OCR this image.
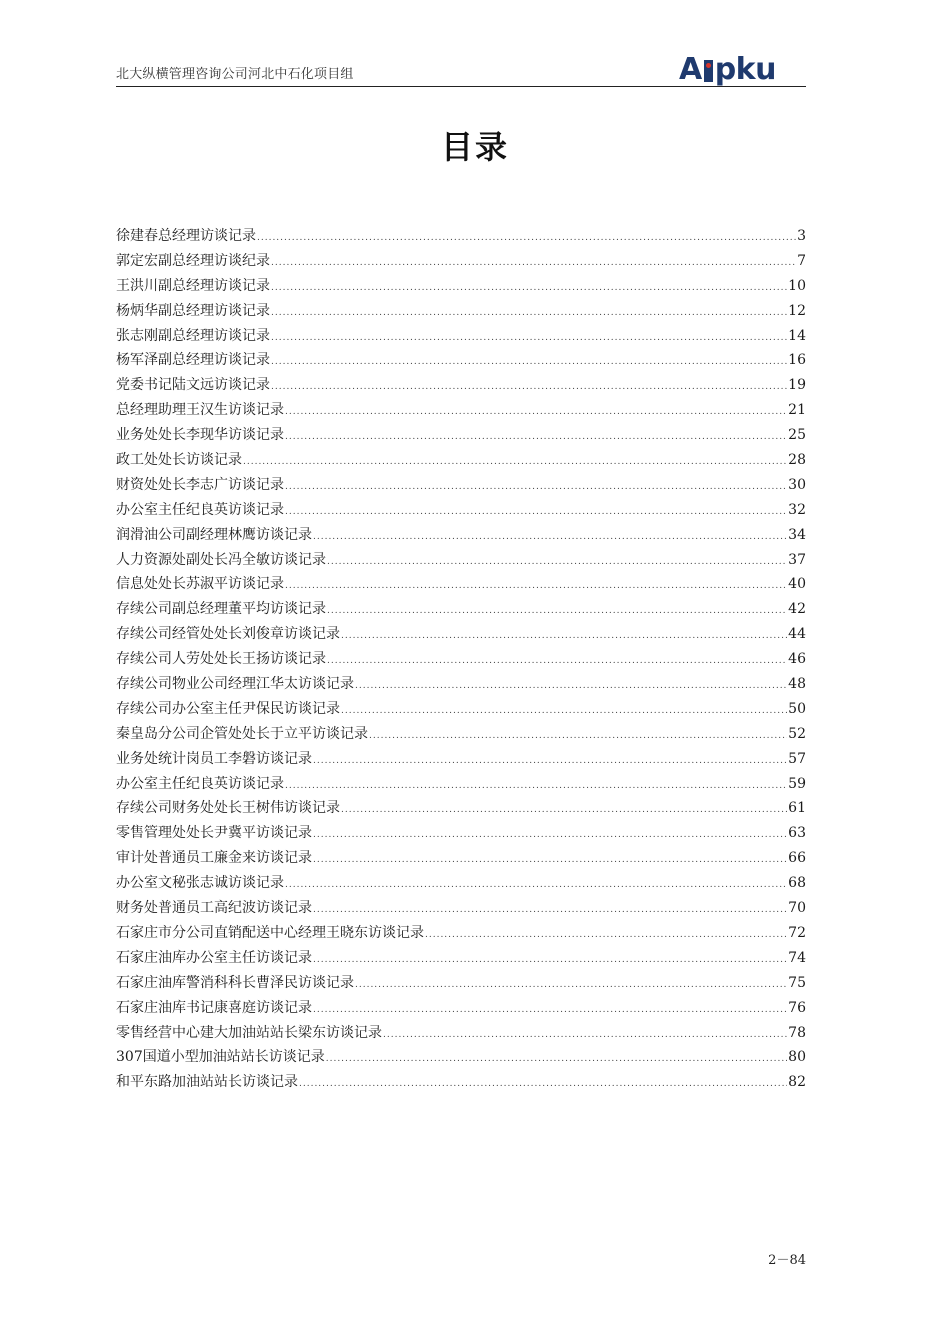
北大纵横管理咨询公司河北中石化项目组	A pku
目录
徐建春总经理访谈记录 .....	3
郭定宏副总经理访谈纪录 .....	7
王洪川副总经理访谈记录 .....	10
杨炳华副总经理访谈记录 .....	12
张志刚副总经理访谈记录 .....	14
杨军泽副总经理访谈记录 .....	16
党委书记陆文远访谈记录 .....	19
总经理助理王汉生访谈记录 .....	21
业务处处长李现华访谈记录 .....	25
政工处处长访谈记录 .....	28
财资处处长李志广访谈记录 .....	30
办公室主任纪良英访谈记录 .....	32
润滑油公司副经理林鹰访谈记录 .....	34
人力资源处副处长冯全敏访谈记录 .....	37
信息处处长苏淑平访谈记录 .....	40
存续公司副总经理董平均访谈记录 .....	42
存续公司经管处处长刘俊章访谈记录 .....	44
存续公司人劳处处长王扬访谈记录 .....	46
存续公司物业公司经理江华太访谈记录 .....	48
存续公司办公室主任尹保民访谈记录 .....	50
秦皇岛分公司企管处处长于立平访谈记录 .....	52
业务处统计岗员工李磐访谈记录 .....	57
办公室主任纪良英访谈记录 .....	59
存续公司财务处处长王树伟访谈记录 .....	61
零售管理处处长尹冀平访谈记录 .....	63
审计处普通员工廉金来访谈记录 .....	66
办公室文秘张志诚访谈记录 .....	68
财务处普通员工高纪波访谈记录 .....	70
石家庄市分公司直销配送中心经理王晓东访谈记录 .....	72
石家庄油库办公室主任访谈记录 .....	74
石家庄油库警消科科长曹泽民访谈记录 .....	75
石家庄油库书记康喜庭访谈记录 .....	76
零售经营中心建大加油站站长梁东访谈记录 .....	78
307国道小型加油站站长访谈记录 .....	80
和平东路加油站站长访谈记录 .....	82
2－84
